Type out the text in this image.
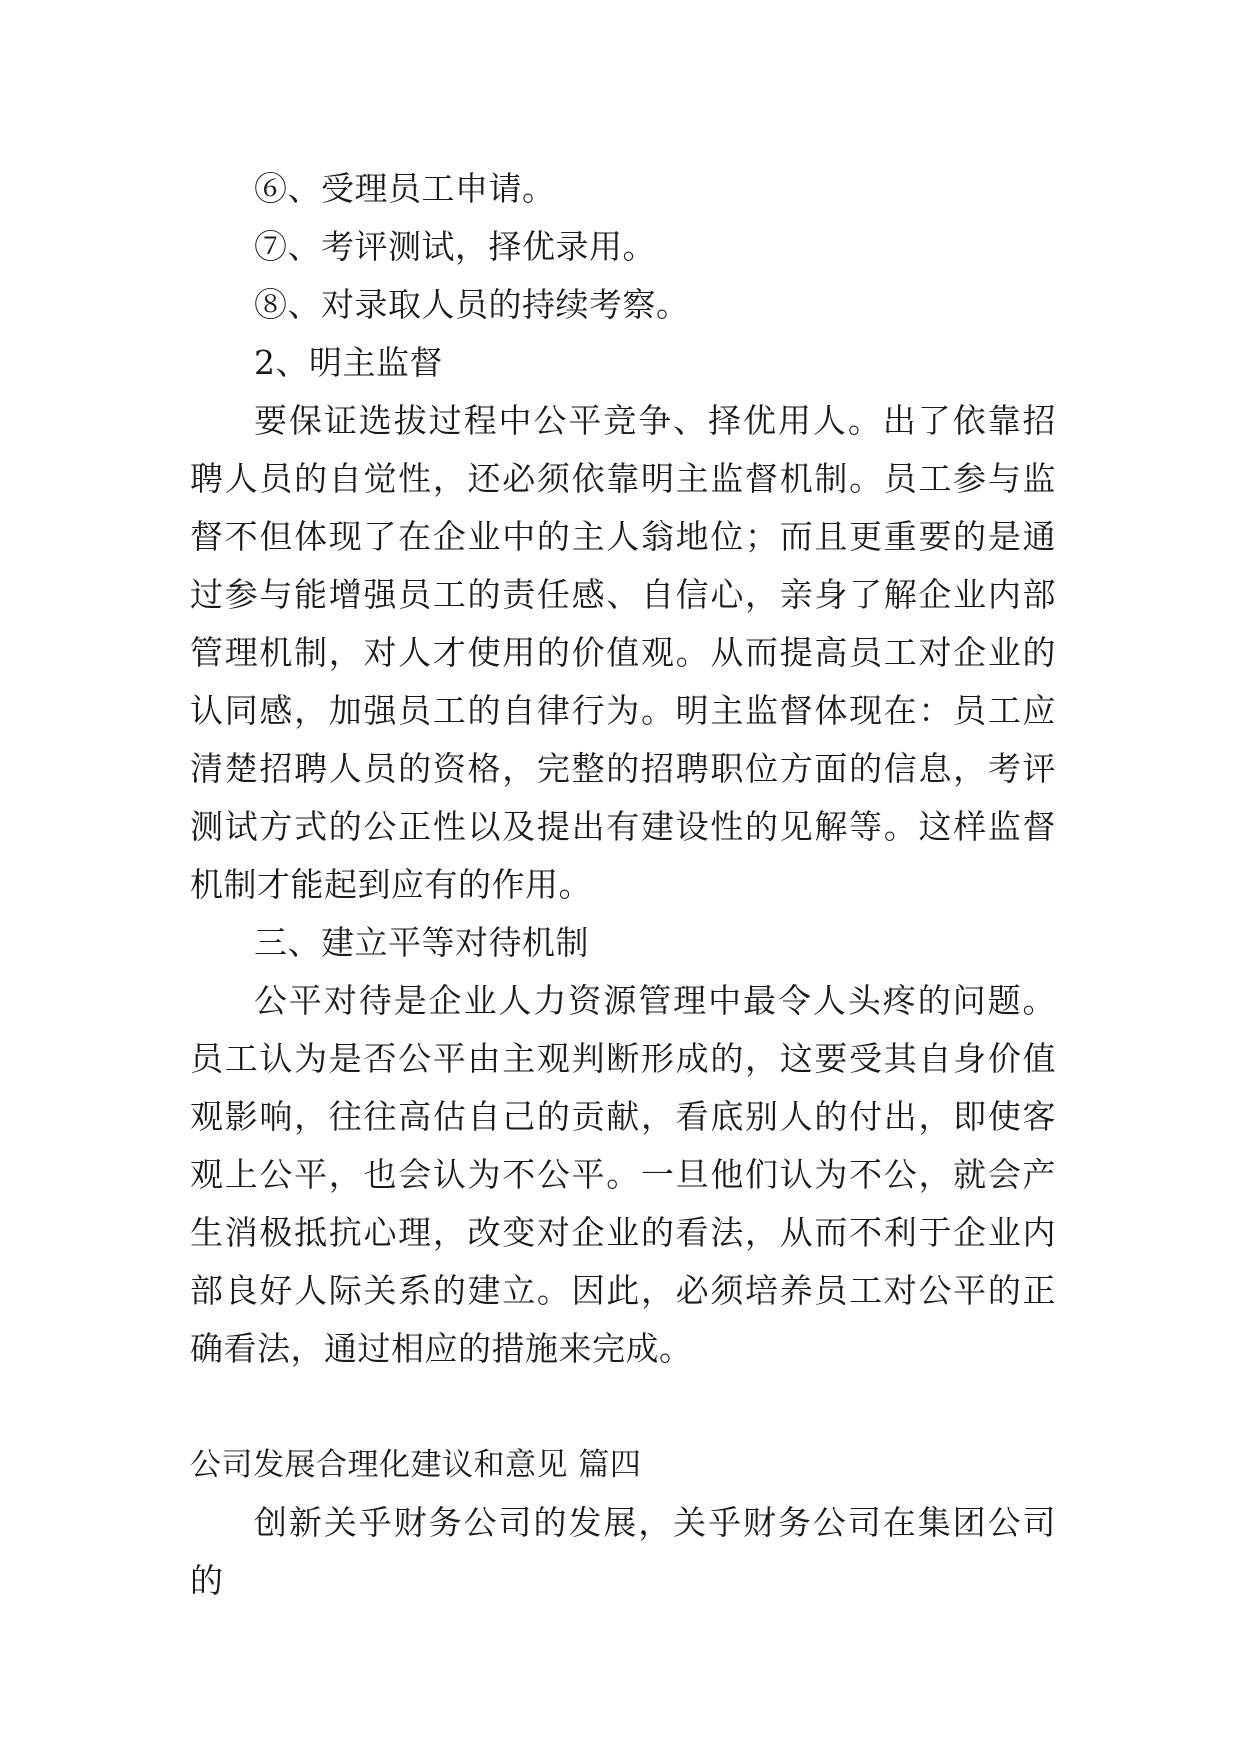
⑥、受理员工申请。
⑦、考评测试，择优录用。
⑧、对录取人员的持续考察。
2、明主监督

要保证选拔过程中公平竞争、择优用人。出了依靠招聘人员的自觉性，还必须依靠明主监督机制。员工参与监督不但体现了在企业中的主人翁地位；而且更重要的是通过参与能增强员工的责任感、自信心，亲身了解企业内部管理机制，对人才使用的价值观。从而提高员工对企业的认同感，加强员工的自律行为。明主监督体现在：员工应清楚招聘人员的资格，完整的招聘职位方面的信息，考评测试方式的公正性以及提出有建设性的见解等。这样监督机制才能起到应有的作用。

三、建立平等对待机制

公平对待是企业人力资源管理中最令人头疼的问题。员工认为是否公平由主观判断形成的，这要受其自身价值观影响，往往高估自己的贡献，看底别人的付出，即使客观上公平，也会认为不公平。一旦他们认为不公，就会产生消极抵抗心理，改变对企业的看法，从而不利于企业内部良好人际关系的建立。因此，必须培养员工对公平的正确看法，通过相应的措施来完成。

公司发展合理化建议和意见 篇四

创新关乎财务公司的发展，关乎财务公司在集团公司的
